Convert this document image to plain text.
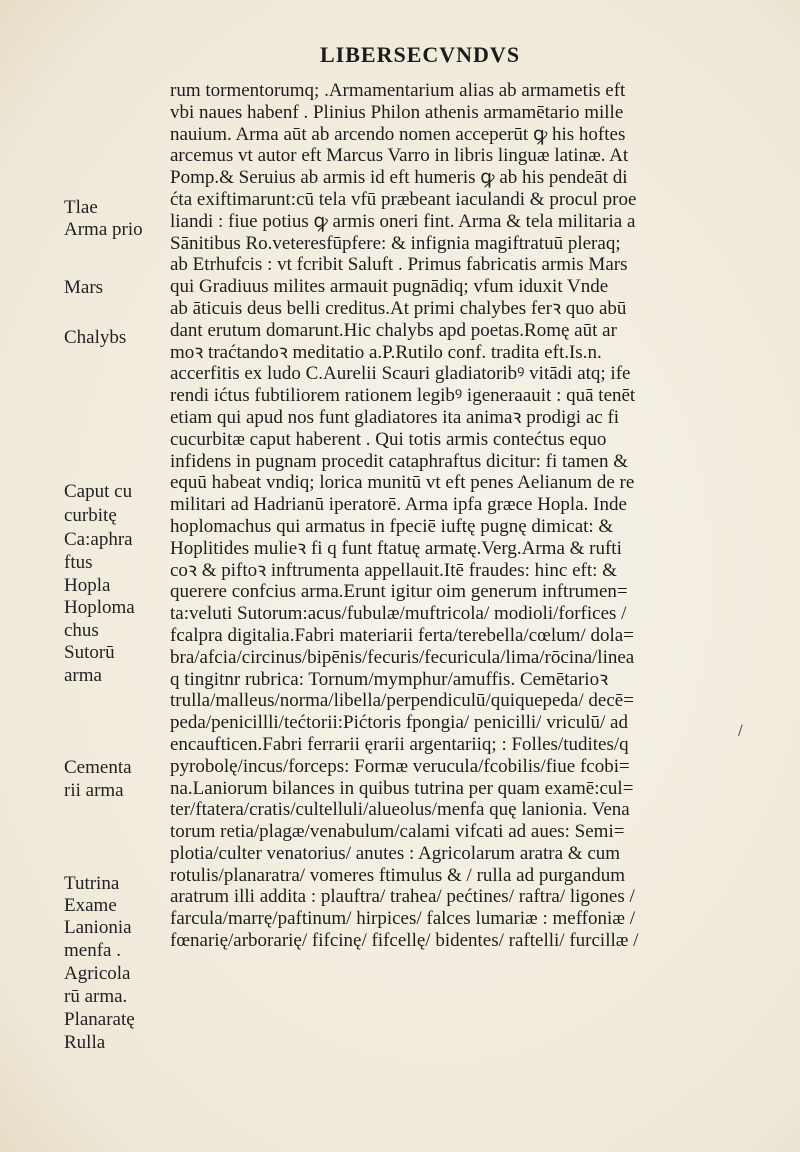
LIBERSECVNDVS
rum tormentorumq; .Armamentarium alias ab armametis eft
vbi naues habenf . Plinius Philon athenis armamētario mille
nauium. Arma aūt ab arcendo nomen acceperūt ꝙ his hoftes
arcemus vt autor eft Marcus Varro in libris linguæ latinæ. At
Pomp.& Seruius ab armis id eft humeris ꝙ ab his pendeāt di
ćta exiftimarunt:cū tela vfū præbeant iaculandi & procul proe
liandi : fiue potius ꝙ armis oneri fint. Arma & tela militaria a
Sānitibus Ro.veteresfūpfere: & infignia magiftratuū pleraq;
ab Etrhufcis : vt fcribit Saluft . Primus fabricatis armis Mars
qui Gradiuus milites armauit pugnādiq; vfum iduxit Vnde
ab āticuis deus belli creditus.At primi chalybes ferꝛ quo abū
dant erutum domarunt.Hic chalybs apd poetas.Romę aūt ar
moꝛ traćtandoꝛ meditatio a.P.Rutilo conf. tradita eft.Is.n.
accerfitis ex ludo C.Aurelii Scauri gladiatoribꝰ vitādi atq; ife
rendi ićtus fubtiliorem rationem legibꝰ igeneraauit : quā tenēt
etiam qui apud nos funt gladiatores ita animaꝛ prodigi ac fi
cucurbitæ caput haberent . Qui totis armis contećtus equo
infidens in pugnam procedit cataphraftus dicitur: fi tamen &
equū habeat vndiq; lorica munitū vt eft penes Aelianum de re
militari ad Hadrianū iperatorē. Arma ipfa græce Hopla. Inde
hoplomachus qui armatus in fpeciē iuftę pugnę dimicat: &
Hoplitides mulieꝛ fi q funt ftatuę armatę.Verg.Arma & rufti
coꝛ & piftoꝛ inftrumenta appellauit.Itē fraudes: hinc eft: &
querere confcius arma.Erunt igitur oim generum inftrumen=
ta:veluti Sutorum:acus/fubulæ/muftricola/ modioli/forfices /
fcalpra digitalia.Fabri materiarii ferta/terebella/cœlum/ dola=
bra/afcia/circinus/bipēnis/fecuris/fecuricula/lima/rōcina/linea
q tingitnr rubrica: Tornum/mymphur/amuffis. Cemētarioꝛ
trulla/malleus/norma/libella/perpendiculū/quiquepeda/ decē=
peda/penicillli/tećtorii:Pićtoris fpongia/ penicilli/ vriculū/ ad
encaufticen.Fabri ferrarii ęrarii argentariiq; : Folles/tudites/q
pyrobolę/incus/forceps: Formæ verucula/fcobilis/fiue fcobi=
na.Laniorum bilances in quibus tutrina per quam examē:cul=
ter/ftatera/cratis/cultelluli/alueolus/menfa quę lanionia. Vena
torum retia/plagæ/venabulum/calami vifcati ad aues: Semi=
plotia/culter venatorius/ anutes : Agricolarum aratra & cum
rotulis/planaratra/ vomeres ftimulus & / rulla ad purgandum
aratrum illi addita : plauftra/ trahea/ pećtines/ raftra/ ligones /
farcula/marrę/paftinum/ hirpices/ falces lumariæ : meffoniæ /
fœnarię/arborarię/ fifcinę/ fifcellę/ bidentes/ raftelli/ furcillæ /
Tlae
Arma prio
Mars
Chalybs
Caput cu
curbitę
Ca:aphra
ftus
Hopla
Hoploma
chus
Sutorū
arma
Cementa
rii arma
Tutrina
Exame
Lanionia
menfa .
Agricola
rū arma.
Planaratę
Rulla
/
